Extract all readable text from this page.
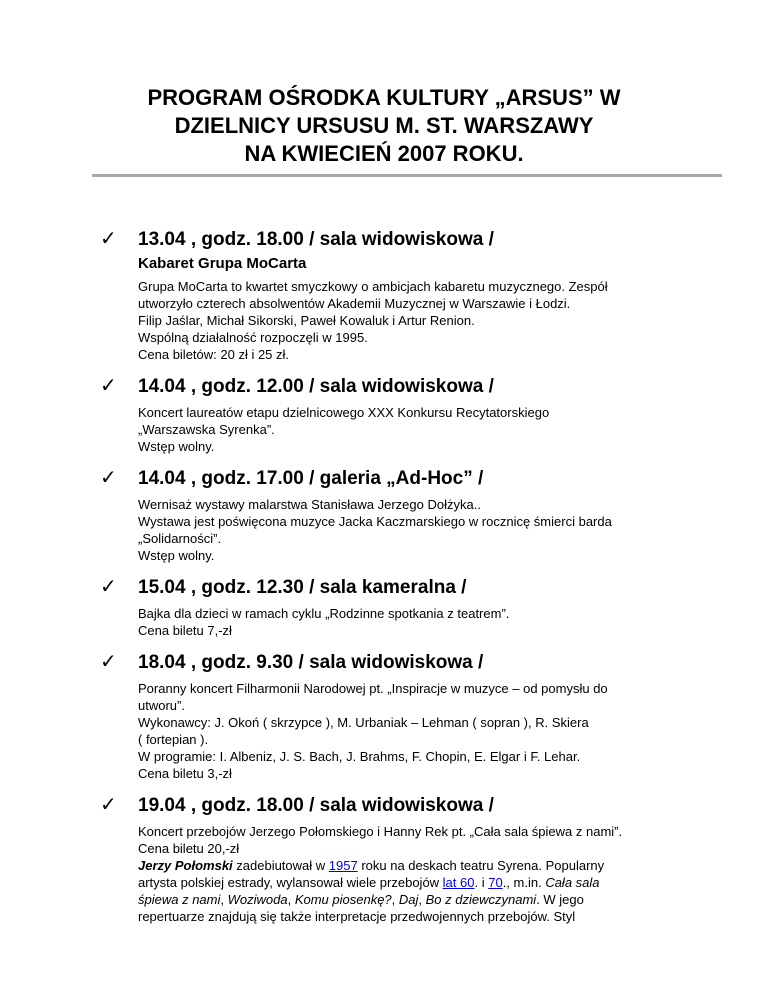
PROGRAM OŚRODKA KULTURY „ARSUS” W
DZIELNICY URSUSU M. ST. WARSZAWY
NA KWIECIEŃ 2007 ROKU.
✓	13.04 , godz. 18.00 / sala widowiskowa /
Kabaret Grupa MoCarta

Grupa MoCarta to kwartet smyczkowy o ambicjach kabaretu muzycznego. Zespół

utworzyło czterech absolwentów Akademii Muzycznej w Warszawie i Łodzi.

Filip Jaślar, Michał Sikorski, Paweł Kowaluk i Artur Renion.

Wspólną działalność rozpoczęli w 1995.

Cena biletów: 20 zł i 25 zł.

✓	14.04 , godz. 12.00 / sala widowiskowa /

Koncert laureatów etapu dzielnicowego XXX Konkursu Recytatorskiego

„Warszawska Syrenka”.

Wstęp wolny.

✓	14.04 , godz. 17.00 / galeria „Ad-Hoc” /

Wernisaż wystawy malarstwa Stanisława Jerzego Dołżyka..

Wystawa jest poświęcona muzyce Jacka Kaczmarskiego w rocznicę śmierci barda

„Solidarności”.

Wstęp wolny.

✓	15.04 , godz. 12.30 / sala kameralna /

Bajka dla dzieci w ramach cyklu „Rodzinne spotkania z teatrem”.

Cena biletu 7,-zł

✓	18.04 , godz. 9.30 / sala widowiskowa /

Poranny koncert Filharmonii Narodowej pt. „Inspiracje w muzyce – od pomysłu do

utworu”.

Wykonawcy: J. Okoń ( skrzypce ), M. Urbaniak – Lehman ( sopran ), R. Skiera

( fortepian ).

W programie: I. Albeniz, J. S. Bach, J. Brahms, F. Chopin, E. Elgar i F. Lehar.

Cena biletu 3,-zł

✓	19.04 , godz. 18.00 / sala widowiskowa /

Koncert przebojów Jerzego Połomskiego i Hanny Rek pt. „Cała sala śpiewa z nami”.

Cena biletu 20,-zł

Jerzy Połomski zadebiutował w 1957 roku na deskach teatru Syrena. Popularny

artysta polskiej estrady, wylansował wiele przebojów lat 60. i 70., m.in. Cała sala

śpiewa z nami, Woziwoda, Komu piosenkę?, Daj, Bo z dziewczynami. W jego

repertuarze znajdują się także interpretacje przedwojennych przebojów. Styl
